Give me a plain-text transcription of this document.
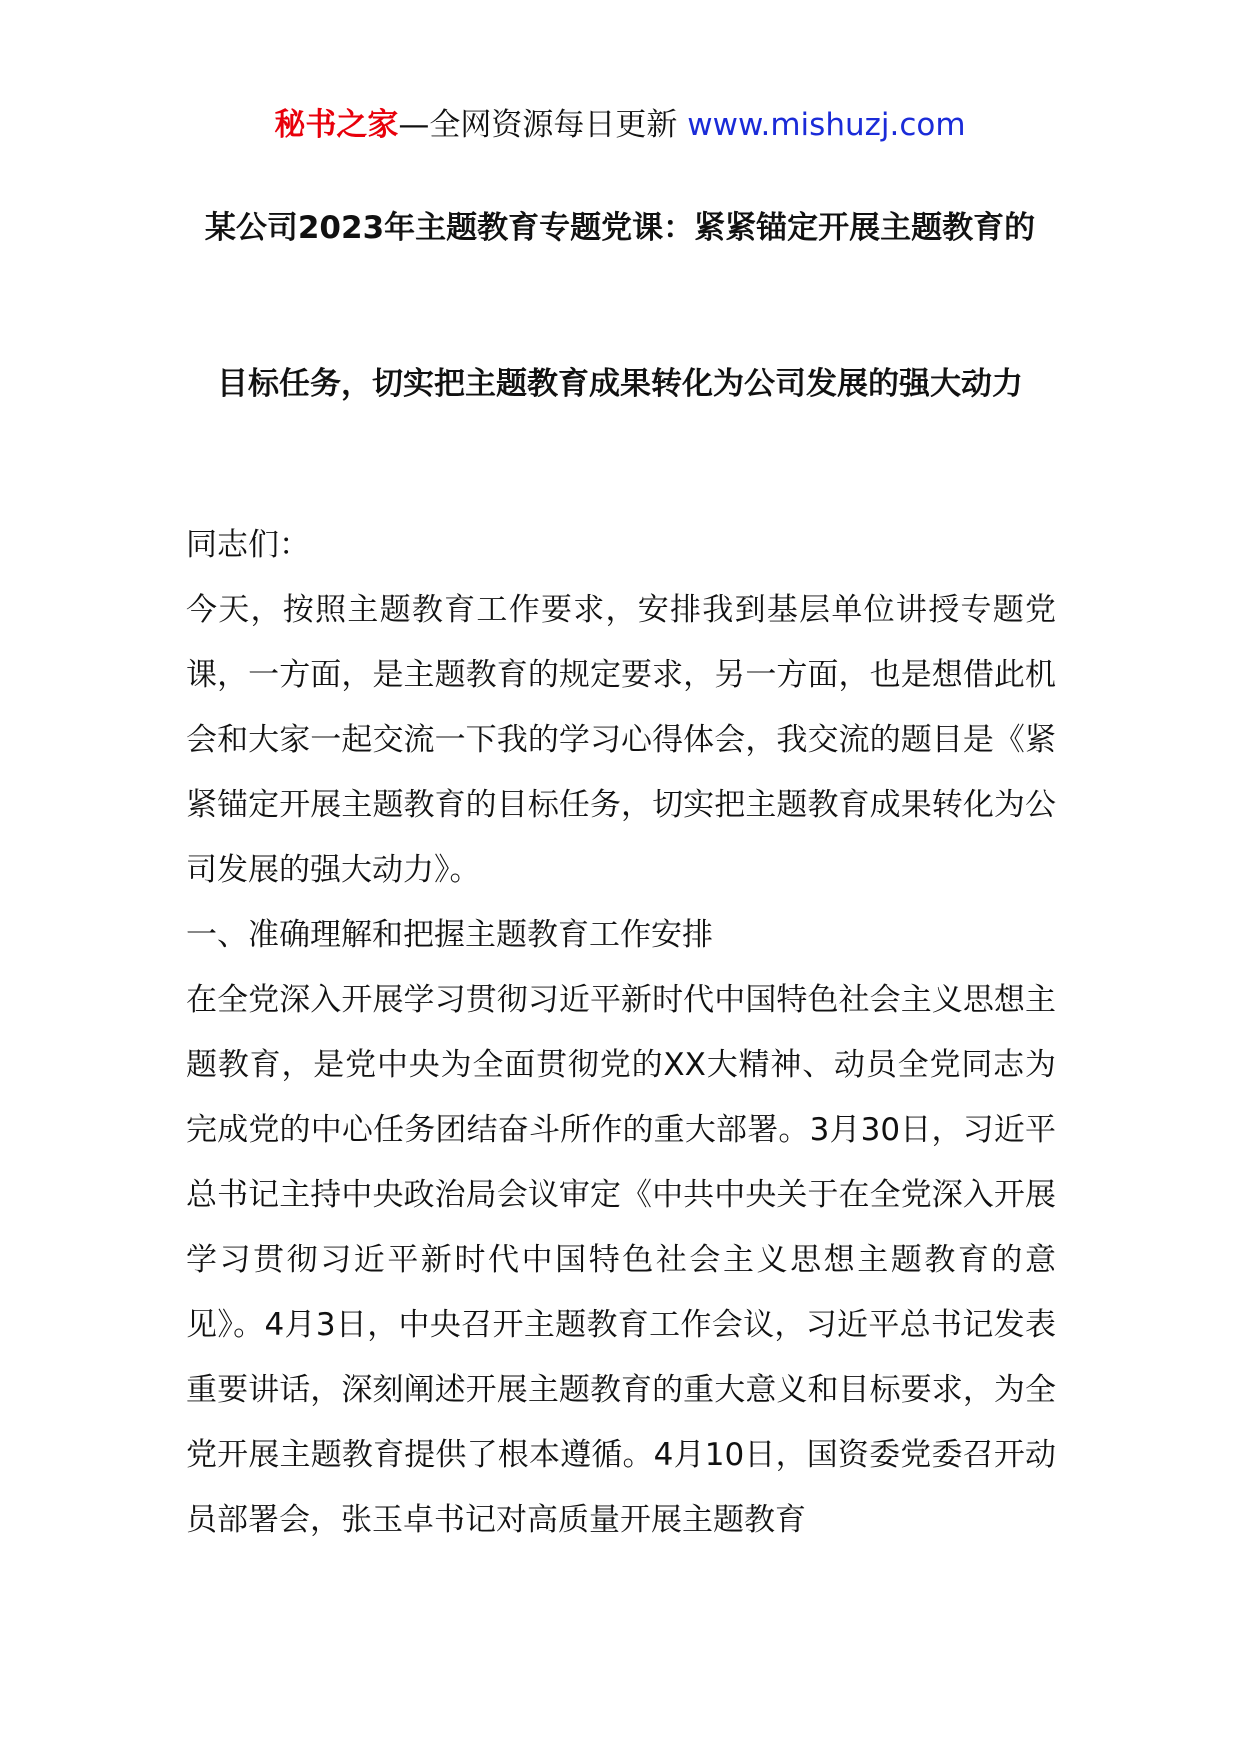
秘书之家—全网资源每日更新 www.mishuzj.com
某公司2023年主题教育专题党课：紧紧锚定开展主题教育的
目标任务，切实把主题教育成果转化为公司发展的强大动力

同志们：

今天，按照主题教育工作要求，安排我到基层单位讲授专题党课，一方面，是主题教育的规定要求，另一方面，也是想借此机会和大家一起交流一下我的学习心得体会，我交流的题目是《紧紧锚定开展主题教育的目标任务，切实把主题教育成果转化为公司发展的强大动力》。

一、准确理解和把握主题教育工作安排

在全党深入开展学习贯彻习近平新时代中国特色社会主义思想主题教育，是党中央为全面贯彻党的XX大精神、动员全党同志为完成党的中心任务团结奋斗所作的重大部署。3月30日，习近平总书记主持中央政治局会议审定《中共中央关于在全党深入开展学习贯彻习近平新时代中国特色社会主义思想主题教育的意见》。4月3日，中央召开主题教育工作会议，习近平总书记发表重要讲话，深刻阐述开展主题教育的重大意义和目标要求，为全党开展主题教育提供了根本遵循。4月10日，国资委党委召开动员部署会，张玉卓书记对高质量开展主题教育
